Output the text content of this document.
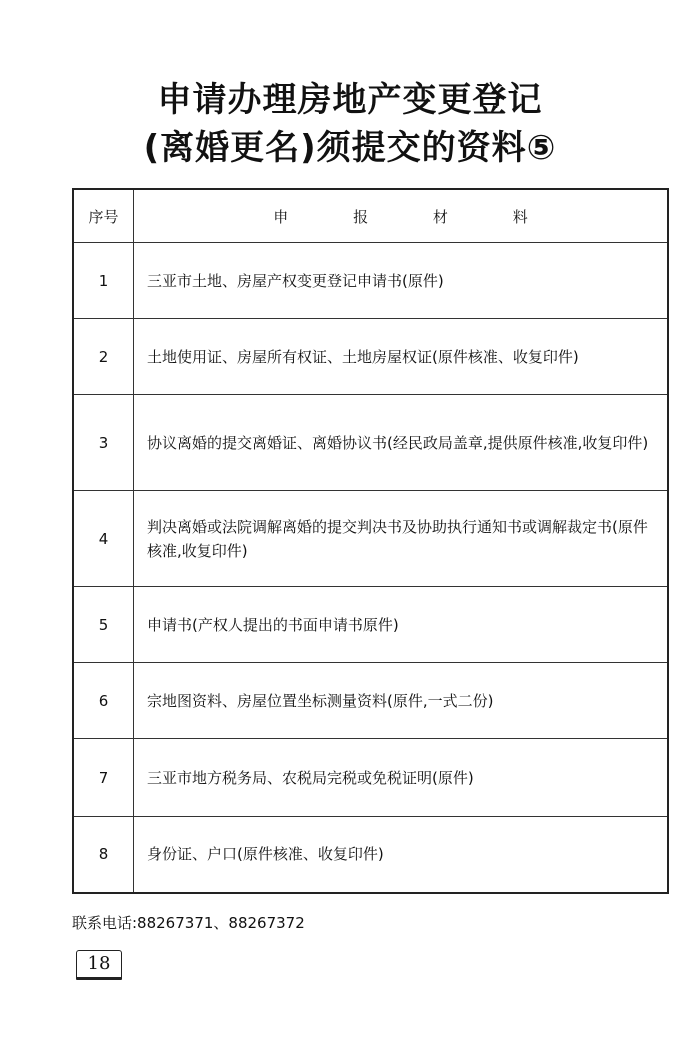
申请办理房地产变更登记
(离婚更名)须提交的资料⑤
序号	申 报 材 料
1	三亚市土地、房屋产权变更登记申请书(原件)
2	土地使用证、房屋所有权证、土地房屋权证(原件核准、收复印件)
3	协议离婚的提交离婚证、离婚协议书(经民政局盖章,提供原件核准,收复印件)
4	判决离婚或法院调解离婚的提交判决书及协助执行通知书或调解裁定书(原件核准,收复印件)
5	申请书(产权人提出的书面申请书原件)
6	宗地图资料、房屋位置坐标测量资料(原件,一式二份)
7	三亚市地方税务局、农税局完税或免税证明(原件)
8	身份证、户口(原件核准、收复印件)
联系电话:88267371、88267372
18
